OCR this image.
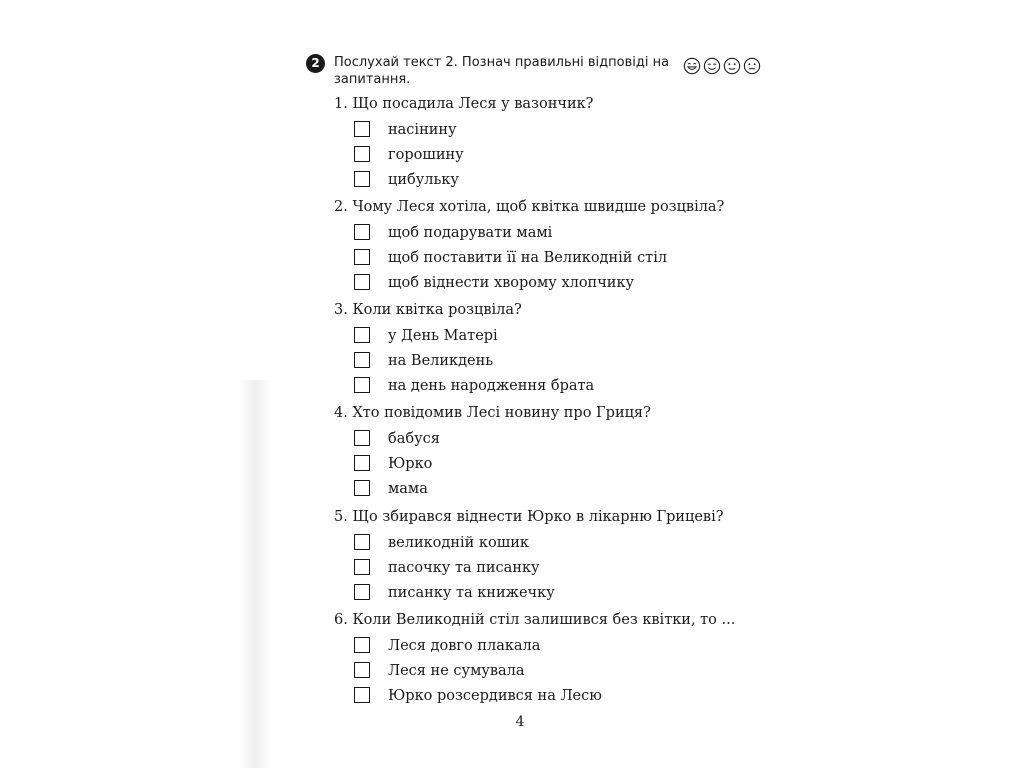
2	Послухай текст 2. Познач правильні відповіді на запитання.
1. Що посадила Леся у вазончик?
насінину
горошину
цибульку
2. Чому Леся хотіла, щоб квітка швидше розцвіла?
щоб подарувати мамі
щоб поставити її на Великодній стіл
щоб віднести хворому хлопчику
3. Коли квітка розцвіла?
у День Матері
на Великдень
на день народження брата
4. Хто повідомив Лесі новину про Гриця?
бабуся
Юрко
мама
5. Що збирався віднести Юрко в лікарню Грицеві?
великодній кошик
пасочку та писанку
писанку та книжечку
6. Коли Великодній стіл залишився без квітки, то ...
Леся довго плакала
Леся не сумувала
Юрко розсердився на Лесю
4
